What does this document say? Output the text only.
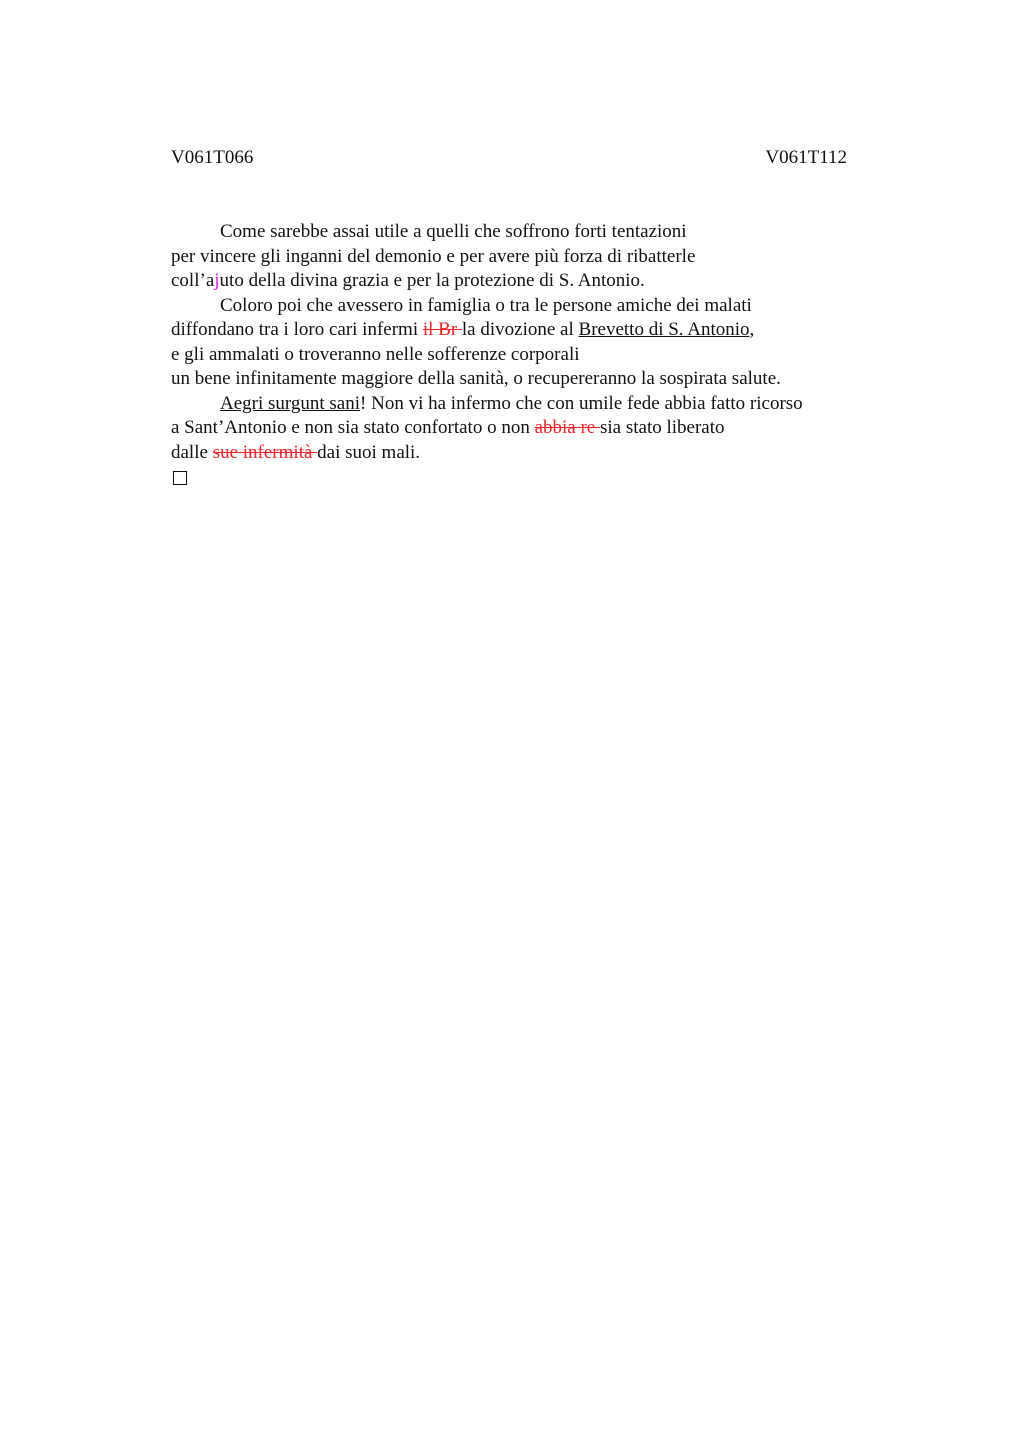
V061T066	V061T112
Come sarebbe assai utile a quelli che soffrono forti tentazioni
per vincere gli inganni del demonio e per avere più forza di ribatterle
coll’ajuto della divina grazia e per la protezione di S. Antonio.
Coloro poi che avessero in famiglia o tra le persone amiche dei malati
diffondano tra i loro cari infermi il Br la divozione al Brevetto di S. Antonio,
e gli ammalati o troveranno nelle sofferenze corporali
un bene infinitamente maggiore della sanità, o recupereranno la sospirata salute.
Aegri surgunt sani! Non vi ha infermo che con umile fede abbia fatto ricorso
a Sant’Antonio e non sia stato confortato o non abbia re sia stato liberato
dalle sue infermità dai suoi mali.
